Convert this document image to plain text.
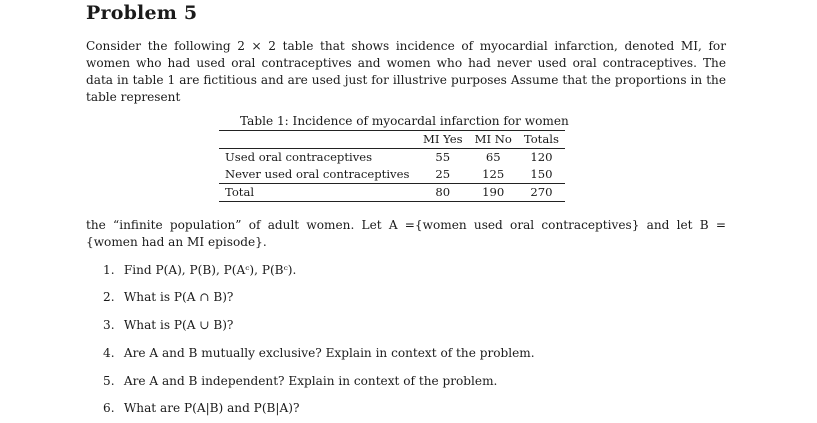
Problem 5
Consider the following 2 × 2 table that shows incidence of myocardial infarction, denoted MI, for women who had used oral contraceptives and women who had never used oral contraceptives. The data in table 1 are fictitious and are used just for illustrive purposes Assume that the proportions in the table represent
Table 1: Incidence of myocardal infarction for women
	MI Yes	MI No	Totals
Used oral contraceptives	55	65	120
Never used oral contraceptives	25	125	150
Total	80	190	270
the “infinite population” of adult women. Let A ={women used oral contraceptives} and let B ={women had an MI episode}.
1. Find P(A), P(B), P(Aᶜ), P(Bᶜ).
2. What is P(A ∩ B)?
3. What is P(A ∪ B)?
4. Are A and B mutually exclusive? Explain in context of the problem.
5. Are A and B independent? Explain in context of the problem.
6. What are P(A|B) and P(B|A)?
